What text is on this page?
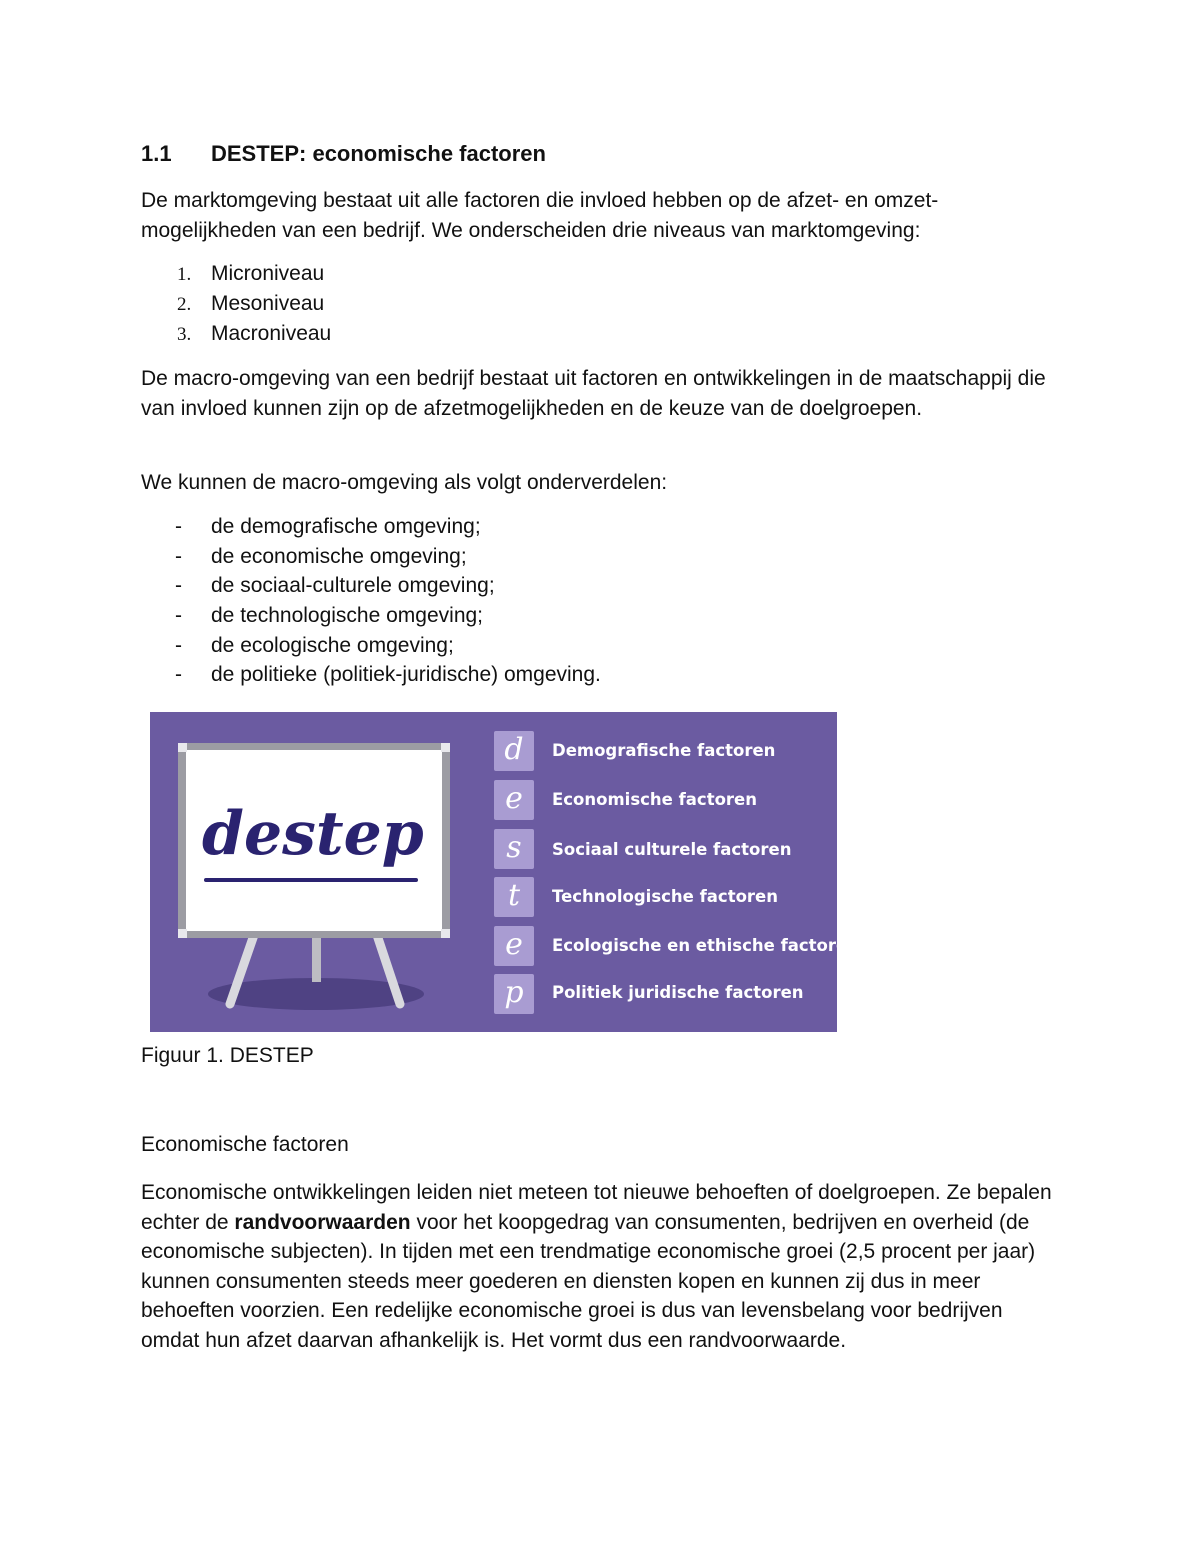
1.1 DESTEP: economische factoren

De marktomgeving bestaat uit alle factoren die invloed hebben op de afzet- en omzet-mogelijkheden van een bedrijf. We onderscheiden drie niveaus van marktomgeving:

1. Microniveau
2. Mesoniveau
3. Macroniveau

De macro-omgeving van een bedrijf bestaat uit factoren en ontwikkelingen in de maatschappij die van invloed kunnen zijn op de afzetmogelijkheden en de keuze van de doelgroepen.

We kunnen de macro-omgeving als volgt onderverdelen:

- de demografische omgeving;
- de economische omgeving;
- de sociaal-culturele omgeving;
- de technologische omgeving;
- de ecologische omgeving;
- de politieke (politiek-juridische) omgeving.
destep
d	Demografische factoren
e	Economische factoren
s	Sociaal culturele factoren
t	Technologische factoren
e	Ecologische en ethische factoren
p	Politiek juridische factoren

Figuur 1. DESTEP

Economische factoren

Economische ontwikkelingen leiden niet meteen tot nieuwe behoeften of doelgroepen. Ze bepalen echter de randvoorwaarden voor het koopgedrag van consumenten, bedrijven en overheid (de economische subjecten). In tijden met een trendmatige economische groei (2,5 procent per jaar) kunnen consumenten steeds meer goederen en diensten kopen en kunnen zij dus in meer behoeften voorzien. Een redelijke economische groei is dus van levensbelang voor bedrijven omdat hun afzet daarvan afhankelijk is. Het vormt dus een randvoorwaarde.
